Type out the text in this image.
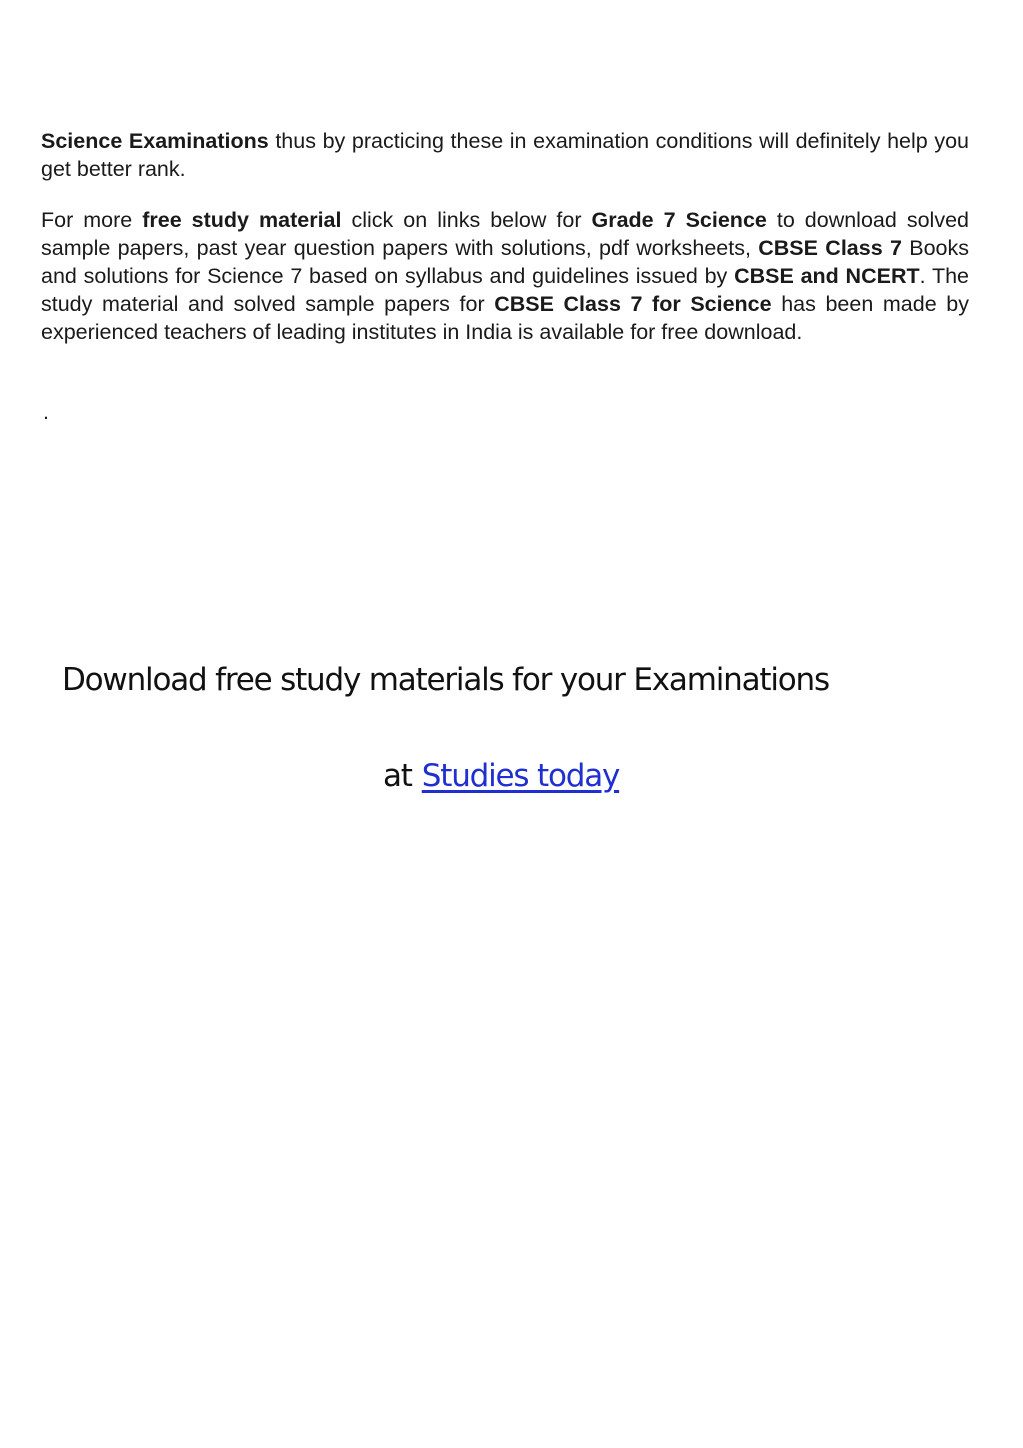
Science Examinations thus by practicing these in examination conditions will definitely help you get better rank.

For more free study material click on links below for Grade 7 Science to download solved sample papers, past year question papers with solutions, pdf worksheets, CBSE Class 7 Books and solutions for Science 7 based on syllabus and guidelines issued by CBSE and NCERT. The study material and solved sample papers for CBSE Class 7 for Science has been made by experienced teachers of leading institutes in India is available for free download.

.

Download free study materials for your Examinations

at Studies today
